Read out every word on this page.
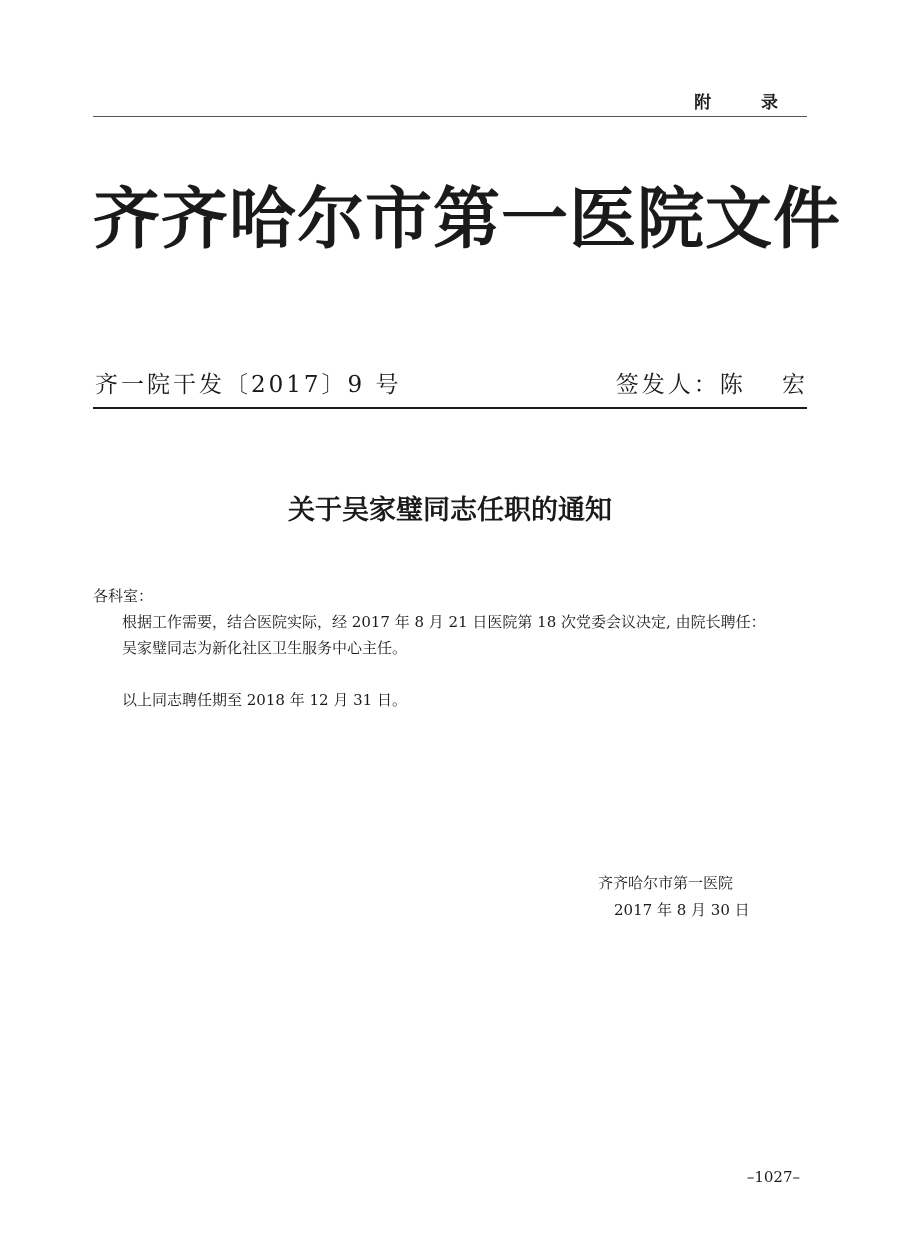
附 录
齐齐哈尔市第一医院文件
齐一院干发〔2017〕9 号	签发人：陈 宏
关于吴家璧同志任职的通知
各科室：
根据工作需要，结合医院实际，经 2017 年 8 月 21 日医院第 18 次党委会议决定, 由院长聘任：
吴家璧同志为新化社区卫生服务中心主任。
以上同志聘任期至 2018 年 12 月 31 日。
齐齐哈尔市第一医院
2017 年 8 月 30 日
–1027–
